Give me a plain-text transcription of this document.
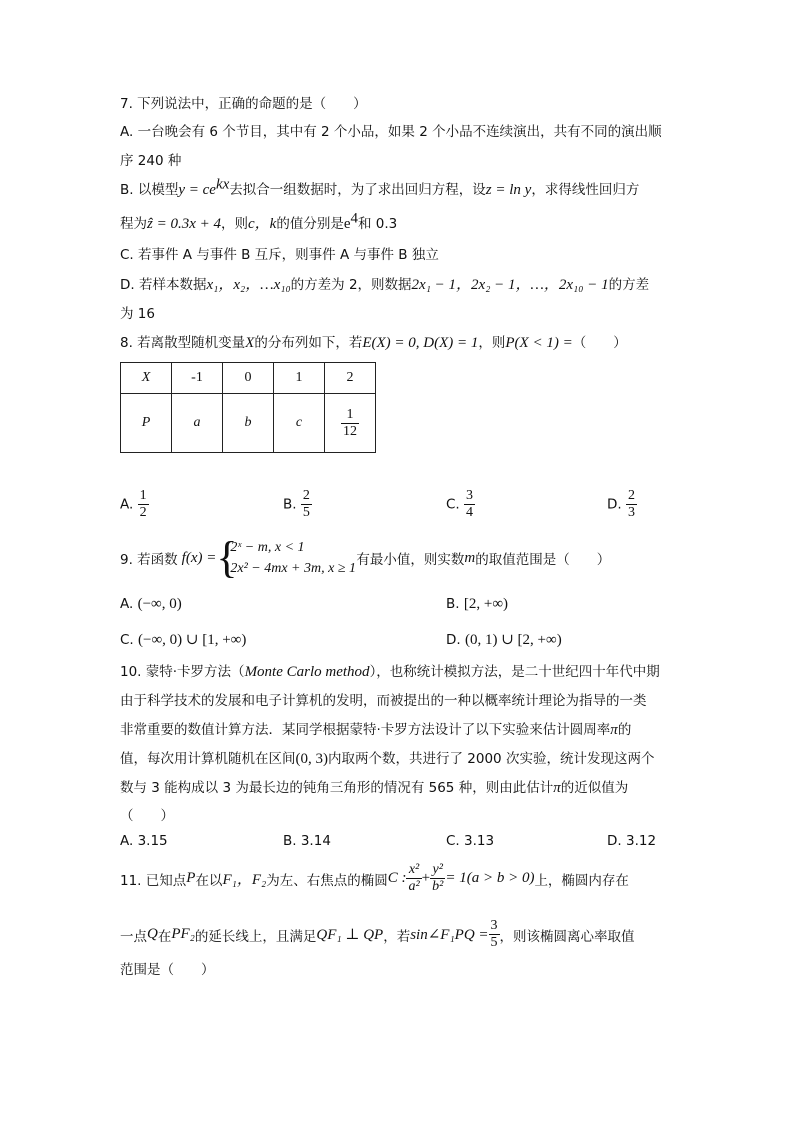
7. 下列说法中，正确的命题的是（　　）
A. 一台晚会有 6 个节目，其中有 2 个小品，如果 2 个小品不连续演出，共有不同的演出顺
序 240 种
B. 以模型$y = ce^{kx}$去拟合一组数据时，为了求出回归方程，设z = ln y，求得线性回归方
程为ẑ = 0.3x + 4，则c，k的值分别是$e^4$和 0.3
C. 若事件 A 与事件 B 互斥，则事件 A 与事件 B 独立
D. 若样本数据x₁，x₂，…x₁₀的方差为 2，则数据2x₁ − 1，2x₂ − 1，…，2x₁₀ − 1的方差
为 16
8. 若离散型随机变量X的分布列如下，若E(X) = 0, D(X) = 1，则P(X < 1) =（　　）
X	-1	0	1	2
P	a	b	c	$\frac{1}{12}$
A. $\frac{1}{2}$	B. $\frac{2}{5}$	C. $\frac{3}{4}$	D. $\frac{2}{3}$
9. 若函数 f(x) = {
2ˣ − m, x < 1
2x² − 4mx + 3m, x ≥ 1
有最小值，则实数 m 的取值范围是（　　）
A. (−∞, 0)	B. [2, +∞)
C. (−∞, 0) ∪ [1, +∞)	D. (0, 1) ∪ [2, +∞)
10. 蒙特·卡罗方法（Monte Carlo method），也称统计模拟方法，是二十世纪四十年代中期
由于科学技术的发展和电子计算机的发明，而被提出的一种以概率统计理论为指导的一类
非常重要的数值计算方法．某同学根据蒙特·卡罗方法设计了以下实验来估计圆周率π的
值，每次用计算机随机在区间(0, 3)内取两个数，共进行了 2000 次实验，统计发现这两个
数与 3 能构成以 3 为最长边的钝角三角形的情况有 565 种，则由此估计π的近似值为
（　　）
A. 3.15	B. 3.14	C. 3.13	D. 3.12
11. 已知点 P 在以 F₁，F₂ 为左、右焦点的椭圆 C : $\frac{\text{x²}}{\text{a²}} + \frac{\text{y²}}{\text{b²}} = 1(a > b > 0)$ 上，椭圆内存在
一点 Q 在 PF₂ 的延长线上，且满足 QF₁ ⊥ QP ，若 sin∠F₁PQ = $\frac{3}{5}$ ，则该椭圆离心率取值
范围是（　　）
